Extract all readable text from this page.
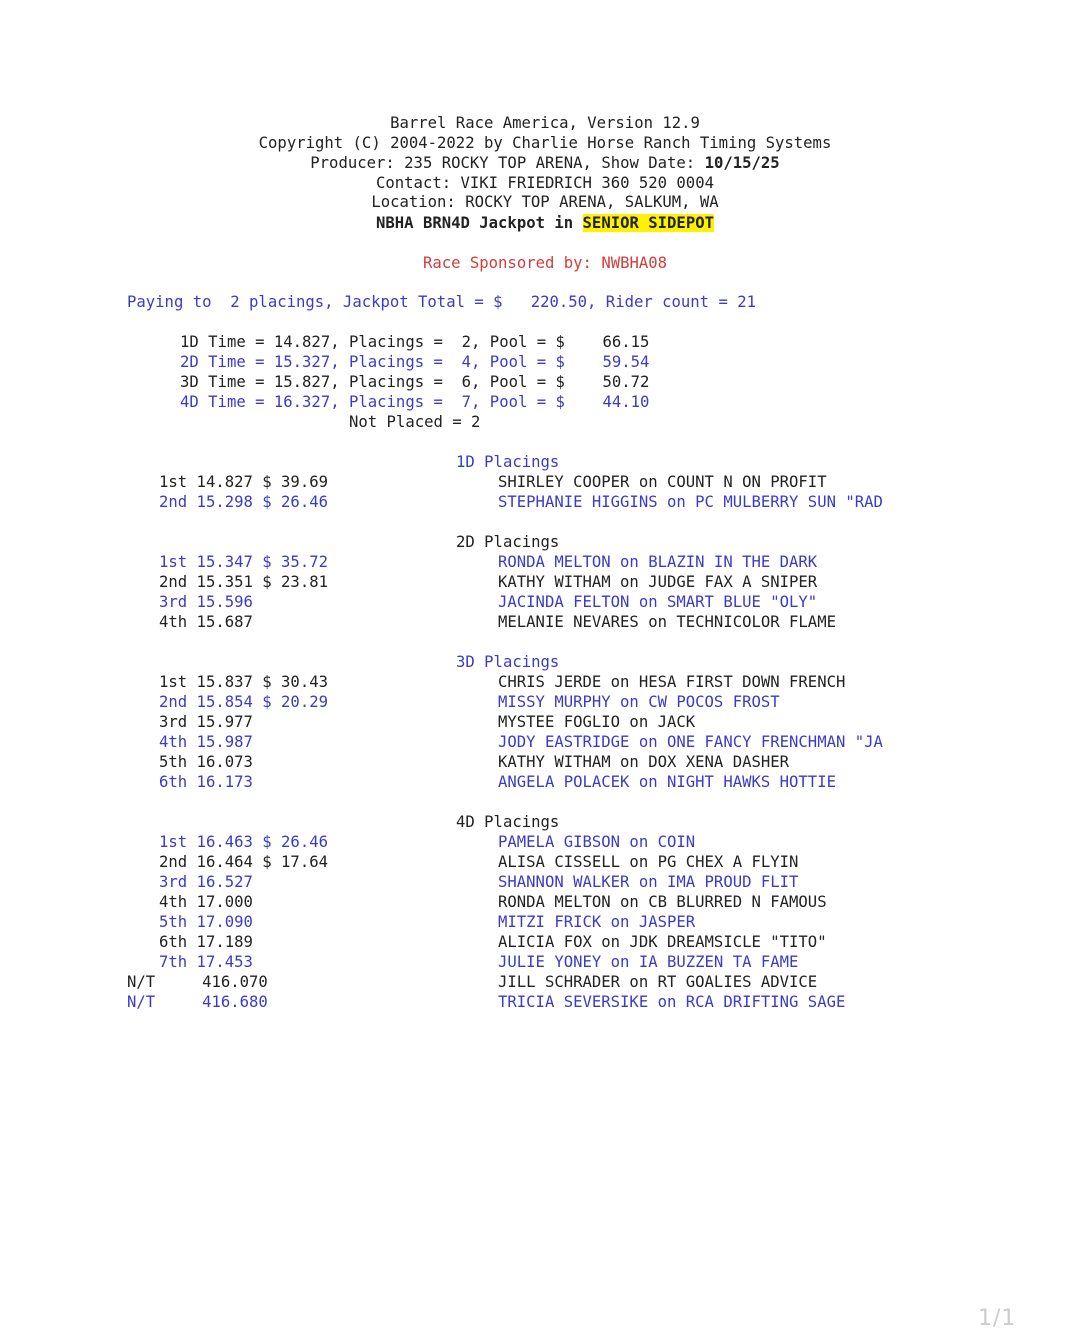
Barrel Race America, Version 12.9
Copyright (C) 2004-2022 by Charlie Horse Ranch Timing Systems
Producer: 235 ROCKY TOP ARENA, Show Date: 10/15/25
Contact: VIKI FRIEDRICH 360 520 0004
Location: ROCKY TOP ARENA, SALKUM, WA
NBHA BRN4D Jackpot in SENIOR SIDEPOT
Race Sponsored by: NWBHA08
Paying to  2 placings, Jackpot Total = $   220.50, Rider count = 21
1D Time = 14.827, Placings =  2, Pool = $    66.15
2D Time = 15.327, Placings =  4, Pool = $    59.54
3D Time = 15.827, Placings =  6, Pool = $    50.72
4D Time = 16.327, Placings =  7, Pool = $    44.10
Not Placed = 2
1D Placings
1st 14.827 $ 39.69	SHIRLEY COOPER on COUNT N ON PROFIT
2nd 15.298 $ 26.46	STEPHANIE HIGGINS on PC MULBERRY SUN "RAD
2D Placings
1st 15.347 $ 35.72	RONDA MELTON on BLAZIN IN THE DARK
2nd 15.351 $ 23.81	KATHY WITHAM on JUDGE FAX A SNIPER
3rd 15.596	JACINDA FELTON on SMART BLUE "OLY"
4th 15.687	MELANIE NEVARES on TECHNICOLOR FLAME
3D Placings
1st 15.837 $ 30.43	CHRIS JERDE on HESA FIRST DOWN FRENCH
2nd 15.854 $ 20.29	MISSY MURPHY on CW POCOS FROST
3rd 15.977	MYSTEE FOGLIO on JACK
4th 15.987	JODY EASTRIDGE on ONE FANCY FRENCHMAN "JA
5th 16.073	KATHY WITHAM on DOX XENA DASHER
6th 16.173	ANGELA POLACEK on NIGHT HAWKS HOTTIE
4D Placings
1st 16.463 $ 26.46	PAMELA GIBSON on COIN
2nd 16.464 $ 17.64	ALISA CISSELL on PG CHEX A FLYIN
3rd 16.527	SHANNON WALKER on IMA PROUD FLIT
4th 17.000	RONDA MELTON on CB BLURRED N FAMOUS
5th 17.090	MITZI FRICK on JASPER
6th 17.189	ALICIA FOX on JDK DREAMSICLE "TITO"
7th 17.453	JULIE YONEY on IA BUZZEN TA FAME
N/T     416.070	JILL SCHRADER on RT GOALIES ADVICE
N/T     416.680	TRICIA SEVERSIKE on RCA DRIFTING SAGE
1/1
